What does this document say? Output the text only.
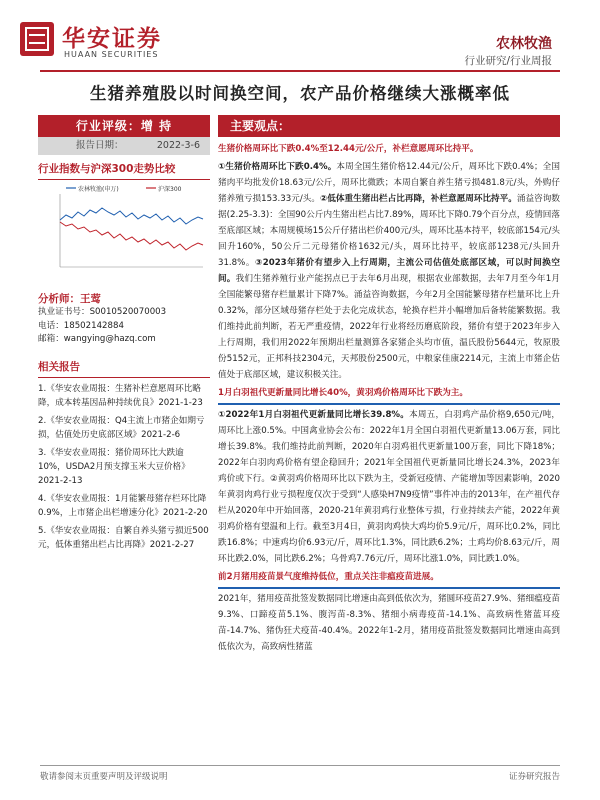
华安证券
HUAAN SECURITIES
农林牧渔
行业研究/行业周报
生猪养殖股以时间换空间，农产品价格继续大涨概率低
行业评级：增 持
报告日期：	2022-3-6
行业指数与沪深300走势比较
农林牧渔(申万)	沪深300
分析师：王莺
执业证书号：S0010520070003
电话：18502142884
邮箱：wangying@hazq.com
相关报告
1.《华安农业周报：生猪补栏意愿周环比略降，成本转基因品种持续优良》2021-1-23
2.《华安农业周报：Q4主流上市猪企如期亏损，估值处历史底部区域》2021-2-6
3.《华安农业周报：猪价周环比大跌逾10%，USDA2月预支撑玉米大豆价格》2021-2-13
4.《华安农业周报：1月能繁母猪存栏环比降0.9%，上市猪企出栏增速分化》2021-2-20
5.《华安农业周报：自繁自养头猪亏损近500元，低体重猪出栏占比再降》2021-2-27
主要观点：
生猪价格周环比下跌0.4%至12.44元/公斤，补栏意愿周环比持平。
①生猪价格周环比下跌0.4%。本周全国生猪价格12.44元/公斤，周环比下跌0.4%；全国猪肉平均批发价18.63元/公斤，周环比微跌；本周自繁自养生猪亏损481.8元/头，外购仔猪养殖亏损153.33元/头。②低体重生猪出栏占比再降，补栏意愿周环比持平。涌益咨询数据(2.25-3.3)：全国90公斤内生猪出栏占比7.89%，周环比下降0.79个百分点，疫情回落至底部区域；本周规模场15公斤仔猪出栏价400元/头，周环比基本持平，较底部154元/头回升160%，50公斤二元母猪价格1632元/头，周环比持平，较底部1238元/头回升31.8%。③2023年猪价有望步入上行周期，主流公司估值处底部区域，可以时间换空间。我们生猪养殖行业产能拐点已于去年6月出现，根据农业部数据，去年7月至今年1月全国能繁母猪存栏量累计下降7%。涌益咨询数据，今年2月全国能繁母猪存栏量环比上升0.32%，部分区域母猪存栏处于去化完成状态，轮换存栏并小幅增加后备转能繁数据。我们维持此前判断，若无严重疫情，2022年行业将经历磨底阶段，猪价有望于2023年步入上行周期，我们用2022年预期出栏量测算各家猪企头均市值，温氏股份5644元，牧原股份5152元，正邦科技2304元，天邦股份2500元，中粮家佳康2214元，主流上市猪企估值处于底部区域，建议积极关注。
1月白羽祖代更新量同比增长40%，黄羽鸡价格周环比下跌为主。
①2022年1月白羽祖代更新量同比增长39.8%。本周五，白羽鸡产品价格9,650元/吨，周环比上涨0.5%。中国禽业协会公布：2022年1月全国白羽祖代更新量13.06万套，同比增长39.8%。我们维持此前判断，2020年白羽鸡祖代更新量100万套，同比下降18%；2022年白羽肉鸡价格有望企稳回升；2021年全国祖代更新量同比增长24.3%，2023年鸡价或下行。②黄羽鸡价格周环比以下跌为主，受新冠疫情、产能增加等因素影响，2020年黄羽肉鸡行业亏损程度仅次于受到“人感染H7N9疫情”事件冲击的2013年，在产祖代存栏从2020年中开始回落，2020-21年黄羽鸡行业整体亏损，行业持续去产能，2022年黄羽鸡价格有望温和上行。截至3月4日，黄羽肉鸡快大鸡均价5.9元/斤，周环比0.2%，同比跌16.8%；中速鸡均价6.93元/斤，周环比1.3%，同比跌6.2%；土鸡均价8.63元/斤，周环比跌2.0%，同比跌6.2%；乌骨鸡7.76元/斤，周环比涨1.0%，同比跌1.0%。
前2月猪用疫苗景气度维持低位，重点关注非瘟疫苗进展。
2021年，猪用疫苗批签发数据同比增速由高到低依次为，猪圆环疫苗27.9%、猪细瘟疫苗9.3%、口蹄疫苗5.1%、腹泻苗-8.3%、猪细小病毒疫苗-14.1%、高致病性猪蓝耳疫苗-14.7%、猪伪狂犬疫苗-40.4%。2022年1-2月，猪用疫苗批签发数据同比增速由高到低依次为，高致病性猪蓝
敬请参阅末页重要声明及评级说明	证券研究报告
